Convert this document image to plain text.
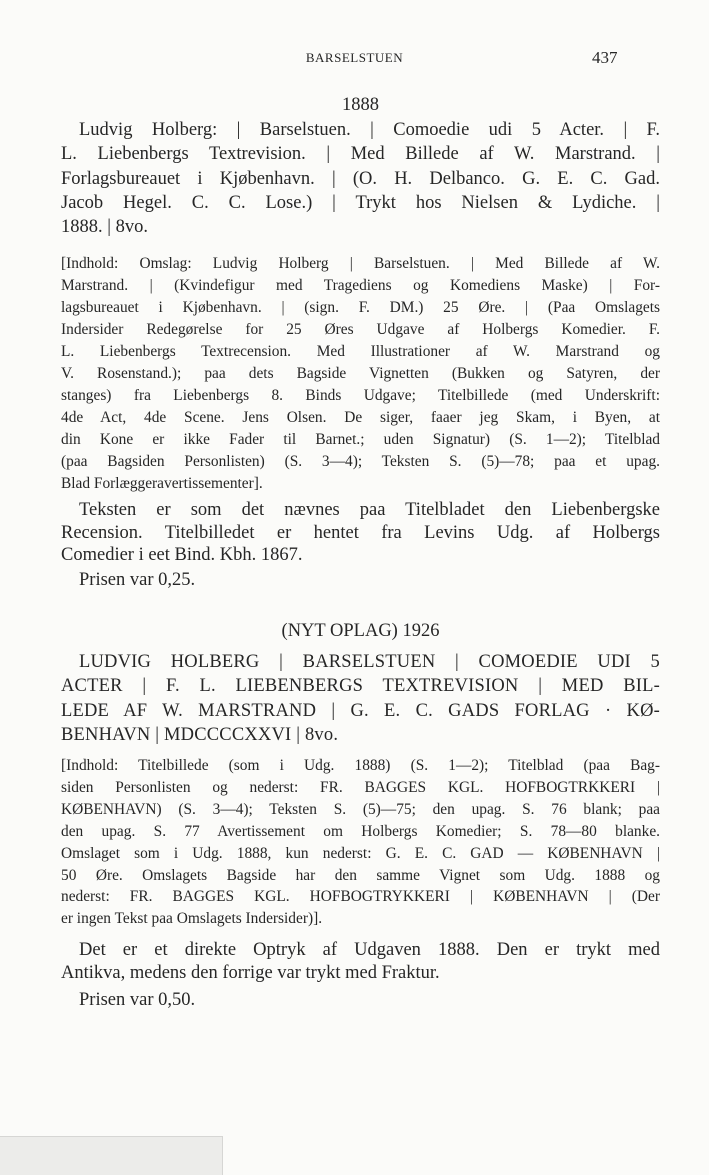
BARSELSTUEN	437
1888
Ludvig Holberg: | Barselstuen. | Comoedie udi 5 Acter. | F.
L. Liebenbergs Textrevision. | Med Billede af W. Marstrand. |
Forlagsbureauet i Kjøbenhavn. | (O. H. Delbanco. G. E. C. Gad.
Jacob Hegel. C. C. Lose.) | Trykt hos Nielsen & Lydiche. |
1888. | 8vo.
[Indhold: Omslag: Ludvig Holberg | Barselstuen. | Med Billede af W.
Marstrand. | (Kvindefigur med Tragediens og Komediens Maske) | For-
lagsbureauet i Kjøbenhavn. | (sign. F. DM.) 25 Øre. | (Paa Omslagets
Indersider Redegørelse for 25 Øres Udgave af Holbergs Komedier. F.
L. Liebenbergs Textrecension. Med Illustrationer af W. Marstrand og
V. Rosenstand.); paa dets Bagside Vignetten (Bukken og Satyren, der
stanges) fra Liebenbergs 8. Binds Udgave; Titelbillede (med Underskrift:
4de Act, 4de Scene. Jens Olsen. De siger, faaer jeg Skam, i Byen, at
din Kone er ikke Fader til Barnet.; uden Signatur) (S. 1—2); Titelblad
(paa Bagsiden Personlisten) (S. 3—4); Teksten S. (5)—78; paa et upag.
Blad Forlæggeravertissementer].
Teksten er som det nævnes paa Titelbladet den Liebenbergske
Recension. Titelbilledet er hentet fra Levins Udg. af Holbergs
Comedier i eet Bind. Kbh. 1867.
Prisen var 0,25.
(NYT OPLAG) 1926
LUDVIG HOLBERG | BARSELSTUEN | COMOEDIE UDI 5
ACTER | F. L. LIEBENBERGS TEXTREVISION | MED BIL-
LEDE AF W. MARSTRAND | G. E. C. GADS FORLAG · KØ-
BENHAVN | MDCCCCXXVI | 8vo.
[Indhold: Titelbillede (som i Udg. 1888) (S. 1—2); Titelblad (paa Bag-
siden Personlisten og nederst: FR. BAGGES KGL. HOFBOGTRKKERI |
KØBENHAVN) (S. 3—4); Teksten S. (5)—75; den upag. S. 76 blank; paa
den upag. S. 77 Avertissement om Holbergs Komedier; S. 78—80 blanke.
Omslaget som i Udg. 1888, kun nederst: G. E. C. GAD — KØBENHAVN |
50 Øre. Omslagets Bagside har den samme Vignet som Udg. 1888 og
nederst: FR. BAGGES KGL. HOFBOGTRYKKERI | KØBENHAVN | (Der
er ingen Tekst paa Omslagets Indersider)].
Det er et direkte Optryk af Udgaven 1888. Den er trykt med
Antikva, medens den forrige var trykt med Fraktur.
Prisen var 0,50.
